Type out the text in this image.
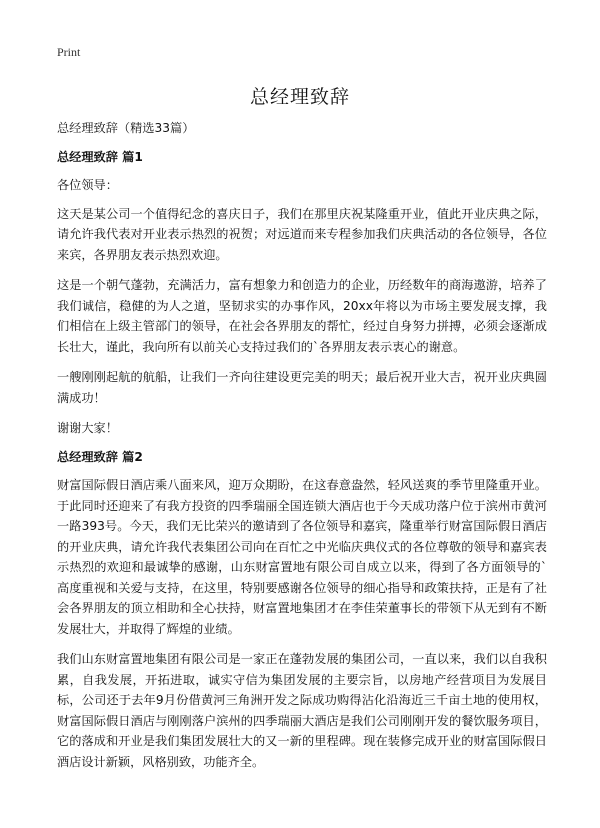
Print
总经理致辞
总经理致辞（精选33篇）
总经理致辞 篇1

各位领导：

这天是某公司一个值得纪念的喜庆日子，我们在那里庆祝某隆重开业，值此开业庆典之际，请允许我代表对开业表示热烈的祝贺；对远道而来专程参加我们庆典活动的各位领导，各位来宾，各界朋友表示热烈欢迎。

这是一个朝气蓬勃，充满活力，富有想象力和创造力的企业，历经数年的商海遨游，培养了我们诚信，稳健的为人之道，坚韧求实的办事作风，20xx年将以为市场主要发展支撑，我们相信在上级主管部门的领导，在社会各界朋友的帮忙，经过自身努力拼搏，必须会逐渐成长壮大，谨此，我向所有以前关心支持过我们的`各界朋友表示衷心的谢意。

一艘刚刚起航的航船，让我们一齐向往建设更完美的明天；最后祝开业大吉，祝开业庆典圆满成功！

谢谢大家！

总经理致辞 篇2

财富国际假日酒店乘八面来风，迎万众期盼，在这春意盎然，轻风送爽的季节里隆重开业。于此同时还迎来了有我方投资的四季瑞丽全国连锁大酒店也于今天成功落户位于滨州市黄河一路393号。今天，我们无比荣兴的邀请到了各位领导和嘉宾，隆重举行财富国际假日酒店的开业庆典，请允许我代表集团公司向在百忙之中光临庆典仪式的各位尊敬的领导和嘉宾表示热烈的欢迎和最诚挚的感谢，山东财富置地有限公司自成立以来，得到了各方面领导的`高度重视和关爱与支持，在这里，特别要感谢各位领导的细心指导和政策扶持，正是有了社会各界朋友的顶立相助和全心扶持，财富置地集团才在李佳荣董事长的带领下从无到有不断发展壮大，并取得了辉煌的业绩。

我们山东财富置地集团有限公司是一家正在蓬勃发展的集团公司，一直以来，我们以自我积累，自我发展，开拓进取，诚实守信为集团发展的主要宗旨，以房地产经营项目为发展目标，公司还于去年9月份借黄河三角洲开发之际成功购得沾化沿海近三千亩土地的使用权，财富国际假日酒店与刚刚落户滨州的四季瑞丽大酒店是我们公司刚刚开发的餐饮服务项目，它的落成和开业是我们集团发展壮大的又一新的里程碑。现在装修完成开业的财富国际假日酒店设计新颖，风格别致，功能齐全。
